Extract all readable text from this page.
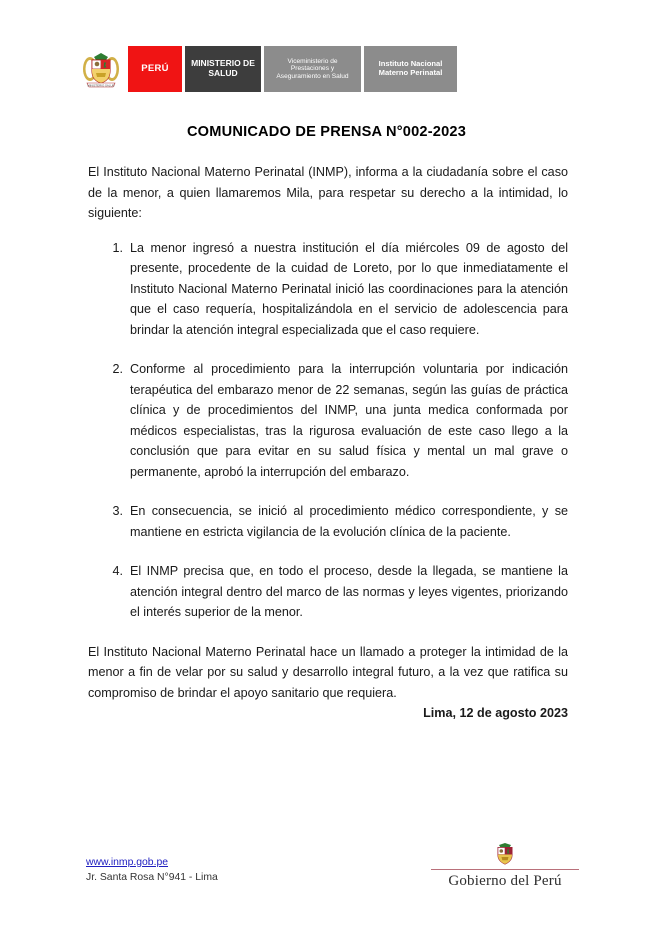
MINISTERIO SALUD
PERÚ	MINISTERIO DE SALUD
Viceministerio de Prestaciones y Aseguramiento en Salud
Instituto Nacional Materno Perinatal
COMUNICADO DE PRENSA N°002-2023

El Instituto Nacional Materno Perinatal (INMP), informa a la ciudadanía sobre el caso de la menor, a quien llamaremos Mila, para respetar su derecho a la intimidad, lo siguiente:

La menor ingresó a nuestra institución el día miércoles 09 de agosto del presente, procedente de la cuidad de Loreto, por lo que inmediatamente el Instituto Nacional Materno Perinatal inició las coordinaciones para la atención que el caso requería, hospitalizándola en el servicio de adolescencia para brindar la atención integral especializada que el caso requiere.
Conforme al procedimiento para la interrupción voluntaria por indicación terapéutica del embarazo menor de 22 semanas, según las guías de práctica clínica y de procedimientos del INMP, una junta medica conformada por médicos especialistas, tras la rigurosa evaluación de este caso llego a la conclusión que para evitar en su salud física y mental un mal grave o permanente, aprobó la interrupción del embarazo.
En consecuencia, se inició al procedimiento médico correspondiente, y se mantiene en estricta vigilancia de la evolución clínica de la paciente.
El INMP precisa que, en todo el proceso, desde la llegada, se mantiene la atención integral dentro del marco de las normas y leyes vigentes, priorizando el interés superior de la menor.

El Instituto Nacional Materno Perinatal hace un llamado a proteger la intimidad de la menor a fin de velar por su salud y desarrollo integral futuro, a la vez que ratifica su compromiso de brindar el apoyo sanitario que requiera.

Lima, 12 de agosto 2023
www.inmp.gob.pe
Jr. Santa Rosa N°941 - Lima	Gobierno del Perú
